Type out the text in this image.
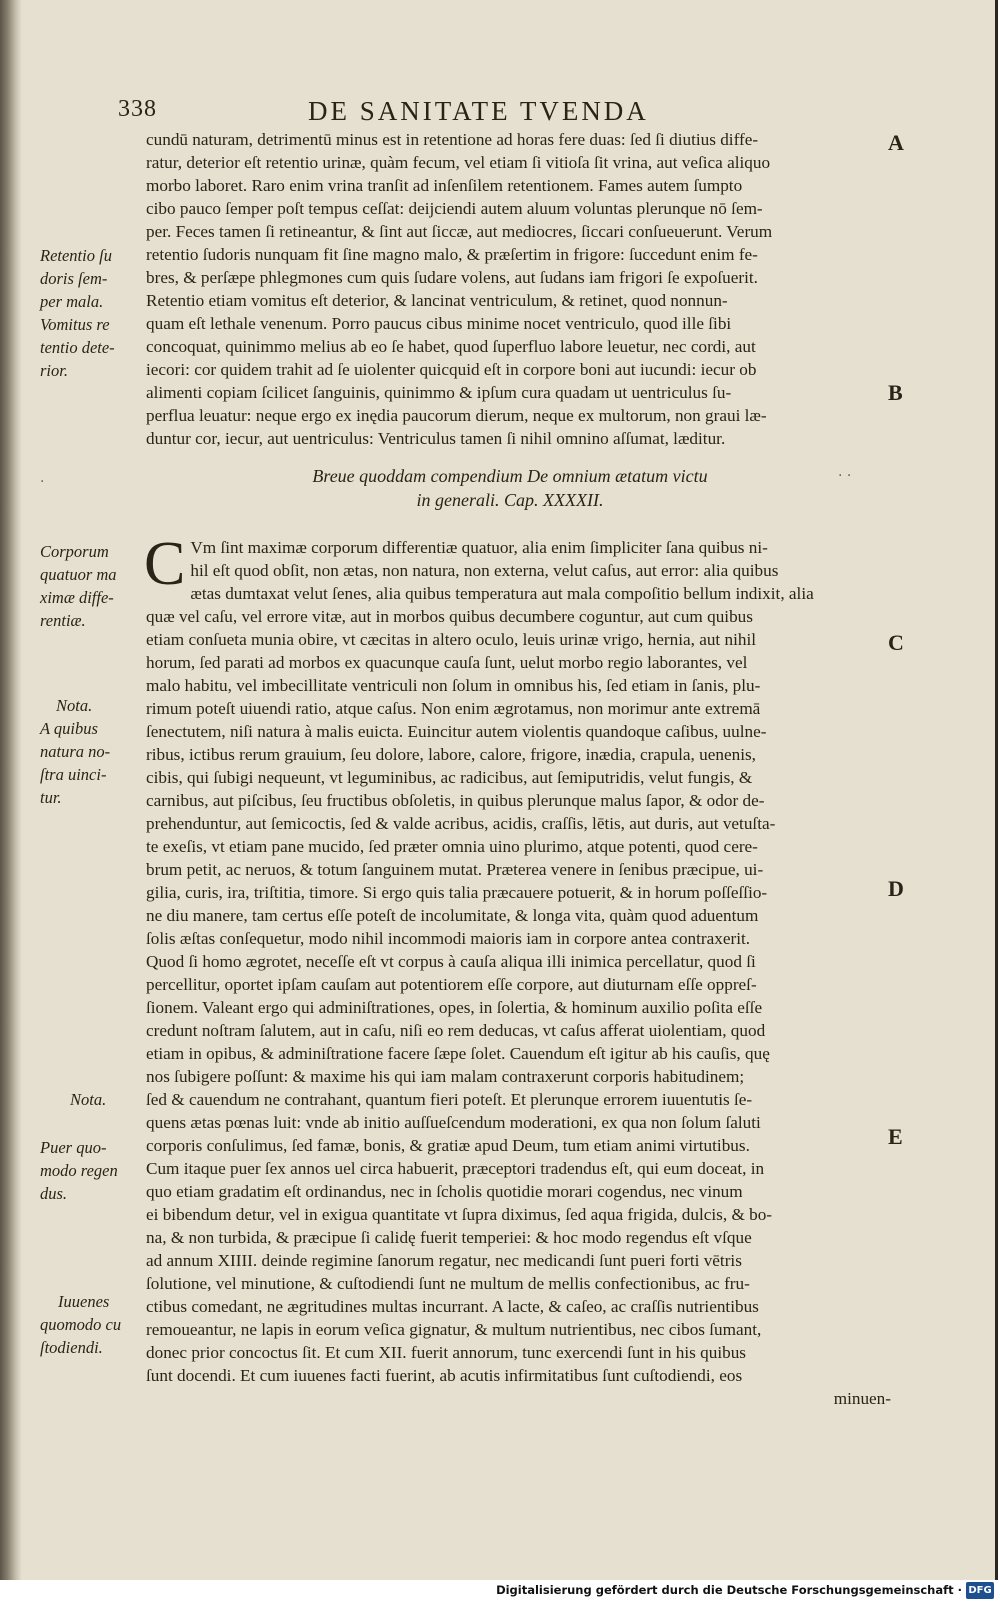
338	DE SANITATE TVENDA
cundū naturam, detrimentū minus est in retentione ad horas fere duas: ſed ſi diutius diffe-
ratur, deterior eſt retentio urinæ, quàm fecum, vel etiam ſi vitioſa ſit vrina, aut veſica aliquo
morbo laboret. Raro enim vrina tranſit ad inſenſilem retentionem. Fames autem ſumpto
cibo pauco ſemper poſt tempus ceſſat: deijciendi autem aluum voluntas plerunque nō ſem-
per. Feces tamen ſi retineantur, & ſint aut ſiccæ, aut mediocres, ſiccari conſueuerunt. Verum
retentio ſudoris nunquam fit ſine magno malo, & præſertim in frigore: ſuccedunt enim fe-
bres, & perſæpe phlegmones cum quis ſudare volens, aut ſudans iam frigori ſe expoſuerit.
Retentio etiam vomitus eſt deterior, & lancinat ventriculum, & retinet, quod nonnun-
quam eſt lethale venenum. Porro paucus cibus minime nocet ventriculo, quod ille ſibi
concoquat, quinimmo melius ab eo ſe habet, quod ſuperfluo labore leuetur, nec cordi, aut
iecori: cor quidem trahit ad ſe uiolenter quicquid eſt in corpore boni aut iucundi: iecur ob
alimenti copiam ſcilicet ſanguinis, quinimmo & ipſum cura quadam ut uentriculus ſu-
perflua leuatur: neque ergo ex inędia paucorum dierum, neque ex multorum, non graui læ-
duntur cor, iecur, aut uentriculus: Ventriculus tamen ſi nihil omnino aſſumat, læditur.
Breue quoddam compendium De omnium ætatum victu
in generali. Cap. XXXXII.
·	· ·
C Vm ſint maximæ corporum differentiæ quatuor, alia enim ſimpliciter ſana quibus ni-
hil eſt quod obſit, non ætas, non natura, non externa, velut caſus, aut error: alia quibus
ætas dumtaxat velut ſenes, alia quibus temperatura aut mala compoſitio bellum indixit, alia
quæ vel caſu, vel errore vitæ, aut in morbos quibus decumbere coguntur, aut cum quibus
etiam conſueta munia obire, vt cæcitas in altero oculo, leuis urinæ vrigo, hernia, aut nihil
horum, ſed parati ad morbos ex quacunque cauſa ſunt, uelut morbo regio laborantes, vel
malo habitu, vel imbecillitate ventriculi non ſolum in omnibus his, ſed etiam in ſanis, plu-
rimum poteſt uiuendi ratio, atque caſus. Non enim ægrotamus, non morimur ante extremā
ſenectutem, niſi natura à malis euicta. Euincitur autem violentis quandoque caſibus, uulne-
ribus, ictibus rerum grauium, ſeu dolore, labore, calore, frigore, inædia, crapula, uenenis,
cibis, qui ſubigi nequeunt, vt leguminibus, ac radicibus, aut ſemiputridis, velut fungis, &
carnibus, aut piſcibus, ſeu fructibus obſoletis, in quibus plerunque malus ſapor, & odor de-
prehenduntur, aut ſemicoctis, ſed & valde acribus, acidis, craſſis, lētis, aut duris, aut vetuſta-
te exeſis, vt etiam pane mucido, ſed præter omnia uino plurimo, atque potenti, quod cere-
brum petit, ac neruos, & totum ſanguinem mutat. Præterea venere in ſenibus præcipue, ui-
gilia, curis, ira, triſtitia, timore. Si ergo quis talia præcauere potuerit, & in horum poſſeſſio-
ne diu manere, tam certus eſſe poteſt de incolumitate, & longa vita, quàm quod aduentum
ſolis æſtas conſequetur, modo nihil incommodi maioris iam in corpore antea contraxerit.
Quod ſi homo ægrotet, neceſſe eſt vt corpus à cauſa aliqua illi inimica percellatur, quod ſi
percellitur, oportet ipſam cauſam aut potentiorem eſſe corpore, aut diuturnam eſſe oppreſ-
ſionem. Valeant ergo qui adminiſtrationes, opes, in ſolertia, & hominum auxilio poſita eſſe
credunt noſtram ſalutem, aut in caſu, niſi eo rem deducas, vt caſus afferat uiolentiam, quod
etiam in opibus, & adminiſtratione facere ſæpe ſolet. Cauendum eſt igitur ab his cauſis, quę
nos ſubigere poſſunt: & maxime his qui iam malam contraxerunt corporis habitudinem;
ſed & cauendum ne contrahant, quantum fieri poteſt. Et plerunque errorem iuuentutis ſe-
quens ætas pœnas luit: vnde ab initio auſſueſcendum moderationi, ex qua non ſolum ſaluti
corporis conſulimus, ſed famæ, bonis, & gratiæ apud Deum, tum etiam animi virtutibus.
Cum itaque puer ſex annos uel circa habuerit, præceptori tradendus eſt, qui eum doceat, in
quo etiam gradatim eſt ordinandus, nec in ſcholis quotidie morari cogendus, nec vinum
ei bibendum detur, vel in exigua quantitate vt ſupra diximus, ſed aqua frigida, dulcis, & bo-
na, & non turbida, & præcipue ſi calidę fuerit temperiei: & hoc modo regendus eſt vſque
ad annum XIIII. deinde regimine ſanorum regatur, nec medicandi ſunt pueri forti vētris
ſolutione, vel minutione, & cuſtodiendi ſunt ne multum de mellis confectionibus, ac fru-
ctibus comedant, ne ægritudines multas incurrant. A lacte, & caſeo, ac craſſis nutrientibus
remoueantur, ne lapis in eorum veſica gignatur, & multum nutrientibus, nec cibos ſumant,
donec prior concoctus ſit. Et cum XII. fuerit annorum, tunc exercendi ſunt in his quibus
ſunt docendi. Et cum iuuenes facti fuerint, ab acutis infirmitatibus ſunt cuſtodiendi, eos
minuen-
Retentio ſu
doris ſem-
per mala.
Vomitus re
tentio dete-
rior.
Corporum
quatuor ma
ximæ diffe-
rentiæ.
Nota.
A quibus
natura no-
ſtra uinci-
tur.
Nota.
Puer quo-
modo regen
dus.
Iuuenes
quomodo cu
ſtodiendi.
A
B
C
D
E
Digitalisierung gefördert durch die Deutsche Forschungsgemeinschaft · DFG
